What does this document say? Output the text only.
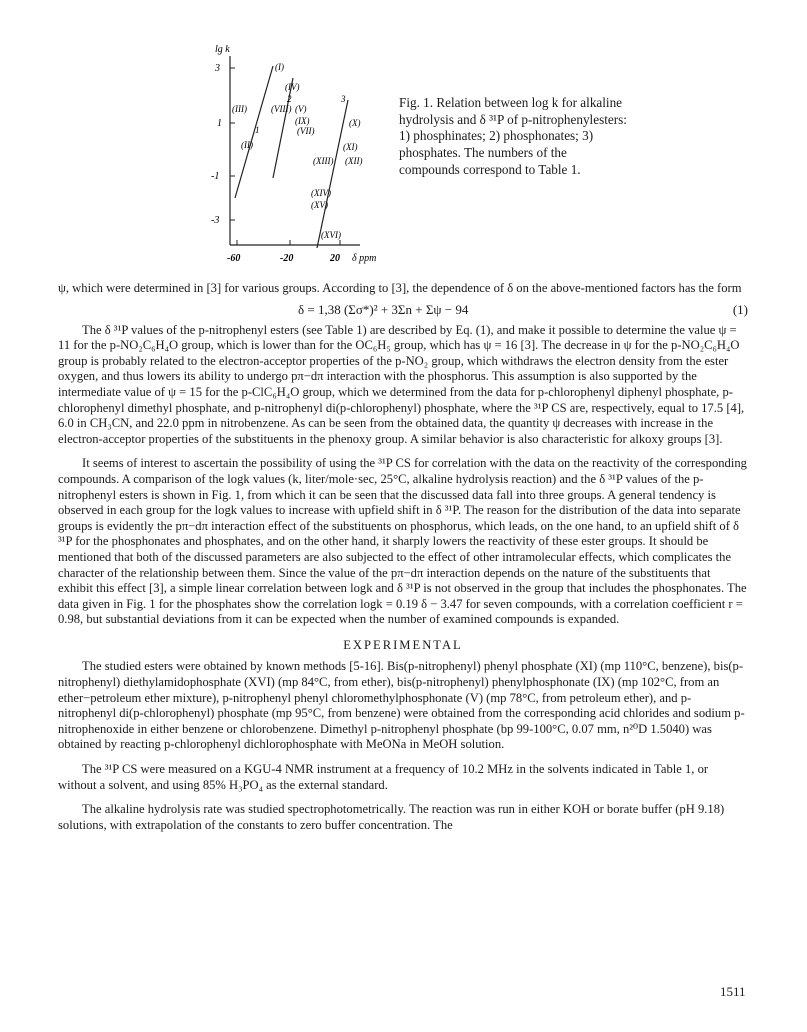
lg k
3
1
-1
-3
-60	-20	20 δ ppm
1
2	3
(I)
(II)
(III)
(IV)
(V)
(VII)
(VIII)
(IX)	(X)
(XI)
(XII)
(XIII)
(XIV)
(XV)
(XVI)
Fig. 1. Relation between log k for alkaline hydrolysis and δ ³¹P of p-nitrophenylesters: 1) phosphinates; 2) phosphonates; 3) phosphates. The numbers of the compounds correspond to Table 1.

ψ, which were determined in [3] for various groups. According to [3], the dependence of δ on the above-mentioned factors has the form

δ = 1,38 (Σσ*)² + 3Σn + Σψ − 94	(1)

The δ ³¹P values of the p-nitrophenyl esters (see Table 1) are described by Eq. (1), and make it possible to determine the value ψ = 11 for the p-NO₂C₆H₄O group, which is lower than for the OC₆H₅ group, which has ψ = 16 [3]. The decrease in ψ for the p-NO₂C₆H₄O group is probably related to the electron-acceptor properties of the p-NO₂ group, which withdraws the electron density from the ester oxygen, and thus lowers its ability to undergo pπ−dπ interaction with the phosphorus. This assumption is also supported by the intermediate value of ψ = 15 for the p-ClC₆H₄O group, which we determined from the data for p-chlorophenyl diphenyl phosphate, p-chlorophenyl dimethyl phosphate, and p-nitrophenyl di(p-chlorophenyl) phosphate, where the ³¹P CS are, respectively, equal to 17.5 [4], 6.0 in CH₃CN, and 22.0 ppm in nitrobenzene. As can be seen from the obtained data, the quantity ψ decreases with increase in the electron-acceptor properties of the substituents in the phenoxy group. A similar behavior is also characteristic for alkoxy groups [3].

It seems of interest to ascertain the possibility of using the ³¹P CS for correlation with the data on the reactivity of the corresponding compounds. A comparison of the logk values (k, liter/mole·sec, 25°C, alkaline hydrolysis reaction) and the δ ³¹P values of the p-nitrophenyl esters is shown in Fig. 1, from which it can be seen that the discussed data fall into three groups. A general tendency is observed in each group for the logk values to increase with upfield shift in δ ³¹P. The reason for the distribution of the data into separate groups is evidently the pπ−dπ interaction effect of the substituents on phosphorus, which leads, on the one hand, to an upfield shift of δ ³¹P for the phosphonates and phosphates, and on the other hand, it sharply lowers the reactivity of these ester groups. It should be mentioned that both of the discussed parameters are also subjected to the effect of other intramolecular effects, which complicates the character of the relationship between them. Since the value of the pπ−dπ interaction depends on the nature of the substituents that exhibit this effect [3], a simple linear correlation between logk and δ ³¹P is not observed in the group that includes the phosphonates. The data given in Fig. 1 for the phosphates show the correlation logk = 0.19 δ − 3.47 for seven compounds, with a correlation coefficient r = 0.98, but substantial deviations from it can be expected when the number of examined compounds is expanded.

EXPERIMENTAL

The studied esters were obtained by known methods [5-16]. Bis(p-nitrophenyl) phenyl phosphate (XI) (mp 110°C, benzene), bis(p-nitrophenyl) diethylamidophosphate (XVI) (mp 84°C, from ether), bis(p-nitrophenyl) phenylphosphonate (IX) (mp 102°C, from an ether−petroleum ether mixture), p-nitrophenyl phenyl chloromethylphosphonate (V) (mp 78°C, from petroleum ether), and p-nitrophenyl di(p-chlorophenyl) phosphate (mp 95°C, from benzene) were obtained from the corresponding acid chlorides and sodium p-nitrophenoxide in either benzene or chlorobenzene. Dimethyl p-nitrophenyl phosphate (bp 99-100°C, 0.07 mm, n²⁰D 1.5040) was obtained by reacting p-chlorophenyl dichlorophosphate with MeONa in MeOH solution.

The ³¹P CS were measured on a KGU-4 NMR instrument at a frequency of 10.2 MHz in the solvents indicated in Table 1, or without a solvent, and using 85% H₃PO₄ as the external standard.

The alkaline hydrolysis rate was studied spectrophotometrically. The reaction was run in either KOH or borate buffer (pH 9.18) solutions, with extrapolation of the constants to zero buffer concentration. The

1511
